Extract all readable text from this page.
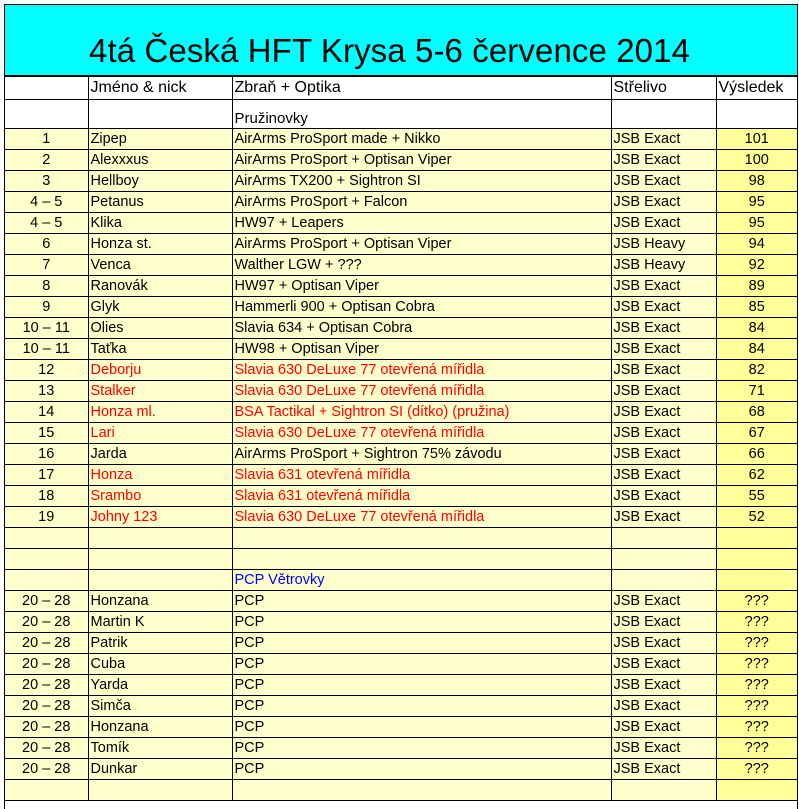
4tá Česká HFT Krysa 5-6 července 2014
	Jméno & nick	Zbraň + Optika	Střelivo	Výsledek
		Pružinovky		
1	Zipep	AirArms ProSport made + Nikko	JSB Exact	101
2	Alexxxus	AirArms ProSport + Optisan Viper	JSB Exact	100
3	Hellboy	AirArms TX200 + Sightron SI	JSB Exact	98
4 – 5	Petanus	AirArms ProSport + Falcon	JSB Exact	95
4 – 5	Klika	HW97 + Leapers	JSB Exact	95
6	Honza st.	AirArms ProSport + Optisan Viper	JSB Heavy	94
7	Venca	Walther LGW + ???	JSB Heavy	92
8	Ranovák	HW97 + Optisan Viper	JSB Exact	89
9	Glyk	Hammerli 900 + Optisan Cobra	JSB Exact	85
10 – 11	Olies	Slavia 634 + Optisan Cobra	JSB Exact	84
10 – 11	Taťka	HW98 + Optisan Viper	JSB Exact	84
12	Deborju	Slavia 630 DeLuxe 77 otevřená mířidla	JSB Exact	82
13	Stalker	Slavia 630 DeLuxe 77 otevřená mířidla	JSB Exact	71
14	Honza ml.	BSA Tactikal + Sightron SI (dítko) (pružina)	JSB Exact	68
15	Lari	Slavia 630 DeLuxe 77 otevřená mířidla	JSB Exact	67
16	Jarda	AirArms ProSport + Sightron 75% závodu	JSB Exact	66
17	Honza	Slavia 631 otevřená mířidla	JSB Exact	62
18	Srambo	Slavia 631 otevřená mířidla	JSB Exact	55
19	Johny 123	Slavia 630 DeLuxe 77 otevřená mířidla	JSB Exact	52

		PCP Větrovky		
20 – 28	Honzana	PCP	JSB Exact	???
20 – 28	Martin K	PCP	JSB Exact	???
20 – 28	Patrik	PCP	JSB Exact	???
20 – 28	Cuba	PCP	JSB Exact	???
20 – 28	Yarda	PCP	JSB Exact	???
20 – 28	Simča	PCP	JSB Exact	???
20 – 28	Honzana	PCP	JSB Exact	???
20 – 28	Tomík	PCP	JSB Exact	???
20 – 28	Dunkar	PCP	JSB Exact	???
